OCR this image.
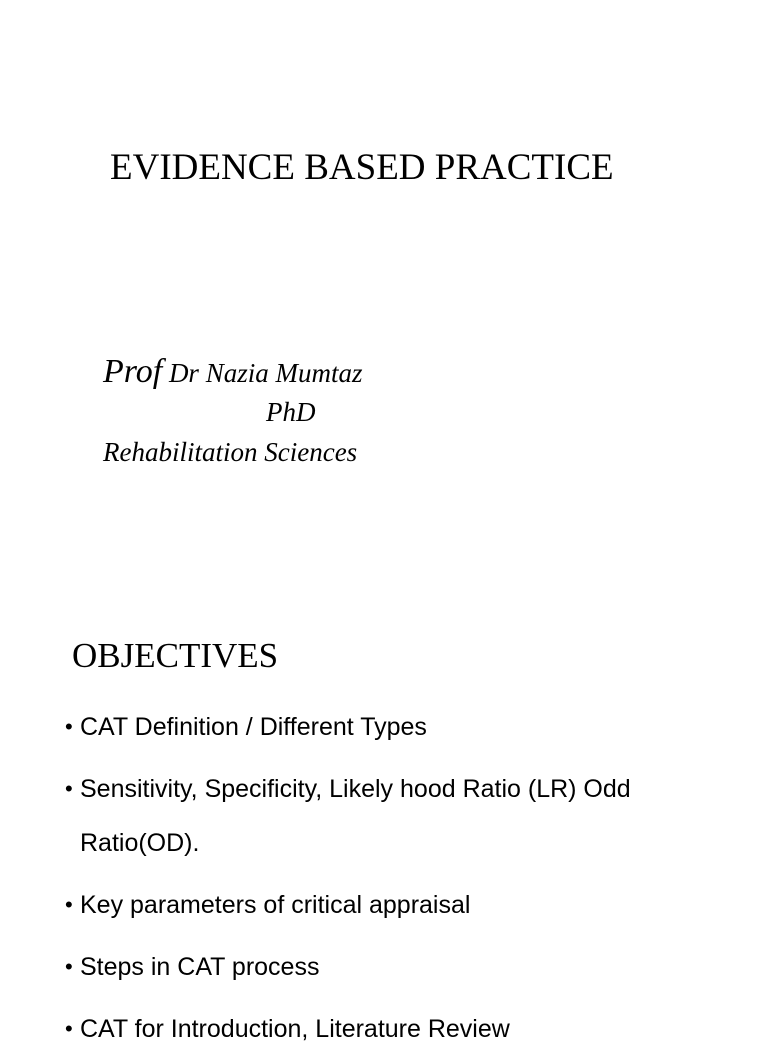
EVIDENCE BASED PRACTICE
Prof Dr Nazia Mumtaz
PhD
Rehabilitation Sciences
OBJECTIVES
• CAT Definition / Different Types
• Sensitivity, Specificity, Likely hood Ratio (LR) Odd Ratio(OD).
• Key parameters of critical appraisal
• Steps in CAT process
• CAT for Introduction, Literature Review
